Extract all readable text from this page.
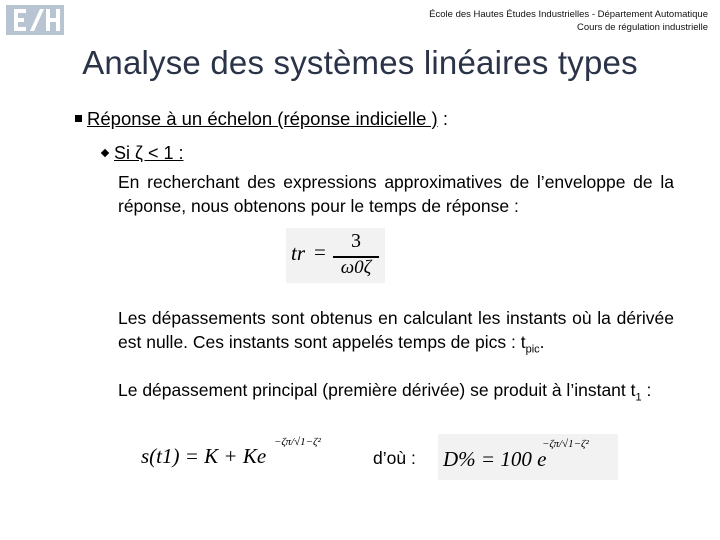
École des Hautes Études Industrielles - Département Automatique
Cours de régulation industrielle
Analyse des systèmes linéaires types
Réponse à un échelon (réponse indicielle ) :
Si ζ < 1 :
En recherchant des expressions approximatives de l’enveloppe de la réponse, nous obtenons pour le temps de réponse :
tr =	3
ω0ζ
Les dépassements sont obtenus en calculant les instants où la dérivée est nulle. Ces instants sont appelés temps de pics : $t_{pic}$.
Le dépassement principal (première dérivée) se produit à l’instant $t_1$ :
s(t1) = K + Ke
−ζπ/√1−ζ²
d’où : D% = 100 e
−ζπ/√1−ζ²
